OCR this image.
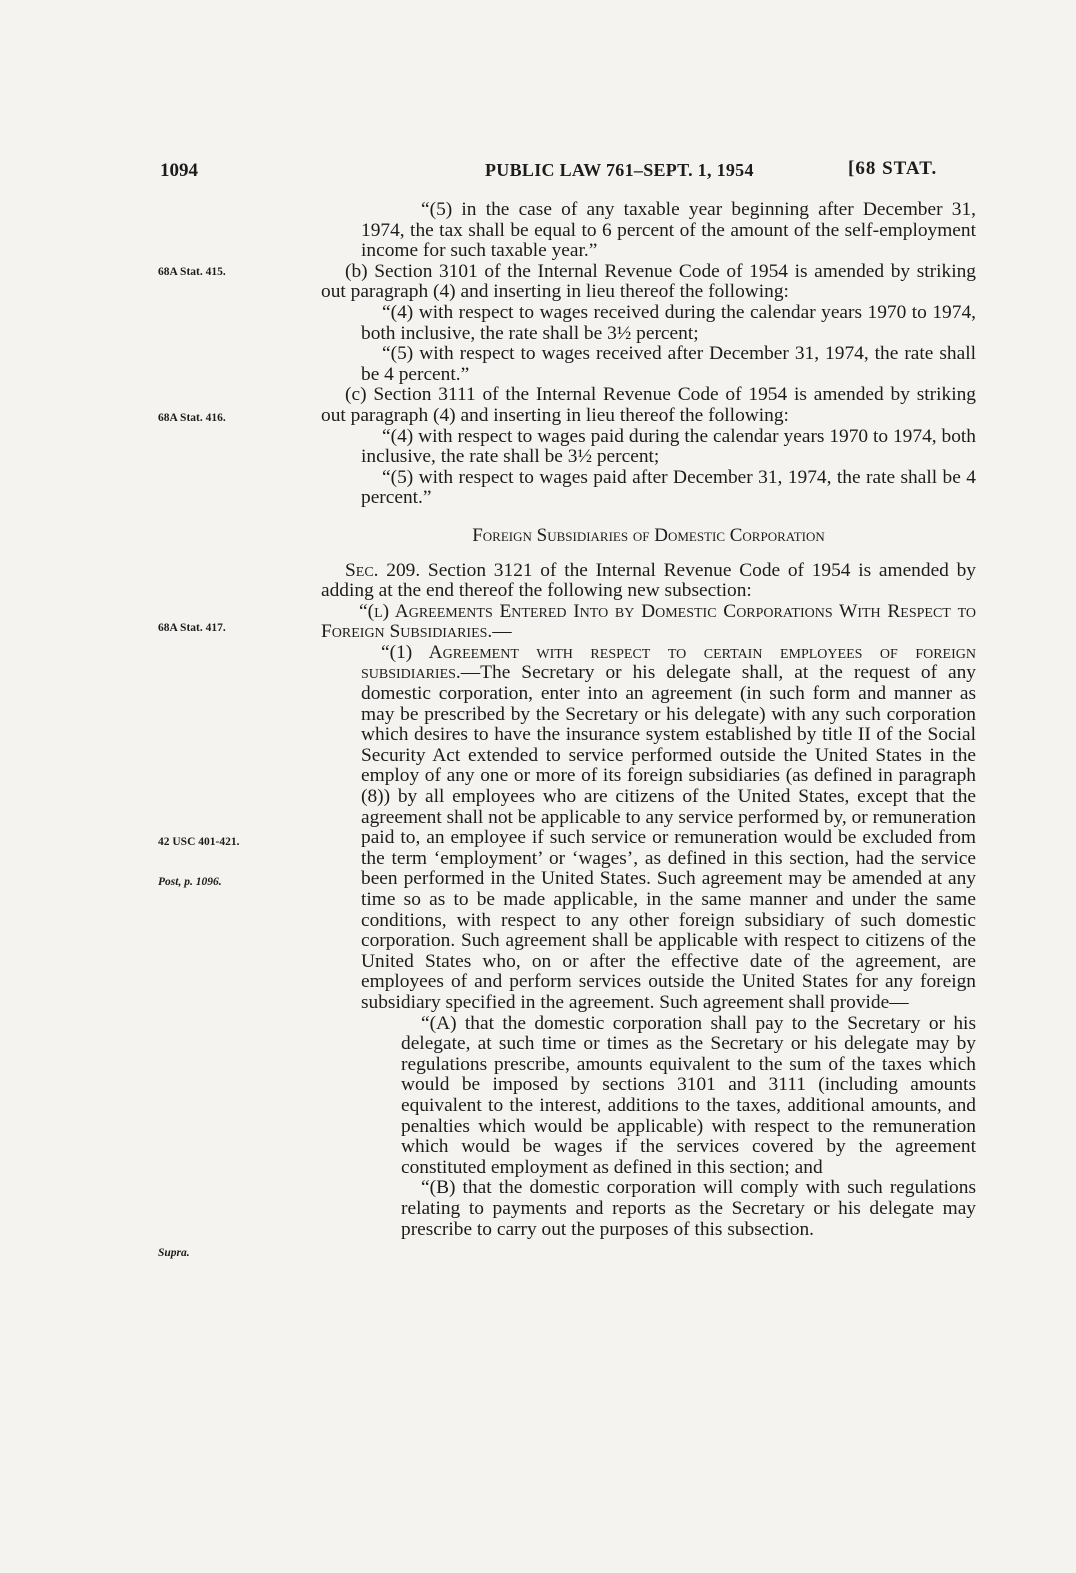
1094	PUBLIC LAW 761–SEPT. 1, 1954	[68 STAT.
68A Stat. 415.
68A Stat. 416.
68A Stat. 417.
42 USC 401-421.
Post, p. 1096.
Supra.

“(5) in the case of any taxable year beginning after December 31, 1974, the tax shall be equal to 6 percent of the amount of the self-employment income for such taxable year.”

(b) Section 3101 of the Internal Revenue Code of 1954 is amended by striking out paragraph (4) and inserting in lieu thereof the following:

“(4) with respect to wages received during the calendar years 1970 to 1974, both inclusive, the rate shall be 3½ percent;

“(5) with respect to wages received after December 31, 1974, the rate shall be 4 percent.”

(c) Section 3111 of the Internal Revenue Code of 1954 is amended by striking out paragraph (4) and inserting in lieu thereof the following:

“(4) with respect to wages paid during the calendar years 1970 to 1974, both inclusive, the rate shall be 3½ percent;

“(5) with respect to wages paid after December 31, 1974, the rate shall be 4 percent.”

Foreign Subsidiaries of Domestic Corporation

Sec. 209. Section 3121 of the Internal Revenue Code of 1954 is amended by adding at the end thereof the following new subsection:

“(l) Agreements Entered Into by Domestic Corporations With Respect to Foreign Subsidiaries.—

“(1) Agreement with respect to certain employees of foreign subsidiaries.—The Secretary or his delegate shall, at the request of any domestic corporation, enter into an agreement (in such form and manner as may be prescribed by the Secretary or his delegate) with any such corporation which desires to have the insurance system established by title II of the Social Security Act extended to service performed outside the United States in the employ of any one or more of its foreign subsidiaries (as defined in paragraph (8)) by all employees who are citizens of the United States, except that the agreement shall not be applicable to any service performed by, or remuneration paid to, an employee if such service or remuneration would be excluded from the term ‘employment’ or ‘wages’, as defined in this section, had the service been performed in the United States. Such agreement may be amended at any time so as to be made applicable, in the same manner and under the same conditions, with respect to any other foreign subsidiary of such domestic corporation. Such agreement shall be applicable with respect to citizens of the United States who, on or after the effective date of the agreement, are employees of and perform services outside the United States for any foreign subsidiary specified in the agreement. Such agreement shall provide—

“(A) that the domestic corporation shall pay to the Secretary or his delegate, at such time or times as the Secretary or his delegate may by regulations prescribe, amounts equivalent to the sum of the taxes which would be imposed by sections 3101 and 3111 (including amounts equivalent to the interest, additions to the taxes, additional amounts, and penalties which would be applicable) with respect to the remuneration which would be wages if the services covered by the agreement constituted employment as defined in this section; and

“(B) that the domestic corporation will comply with such regulations relating to payments and reports as the Secretary or his delegate may prescribe to carry out the purposes of this subsection.
